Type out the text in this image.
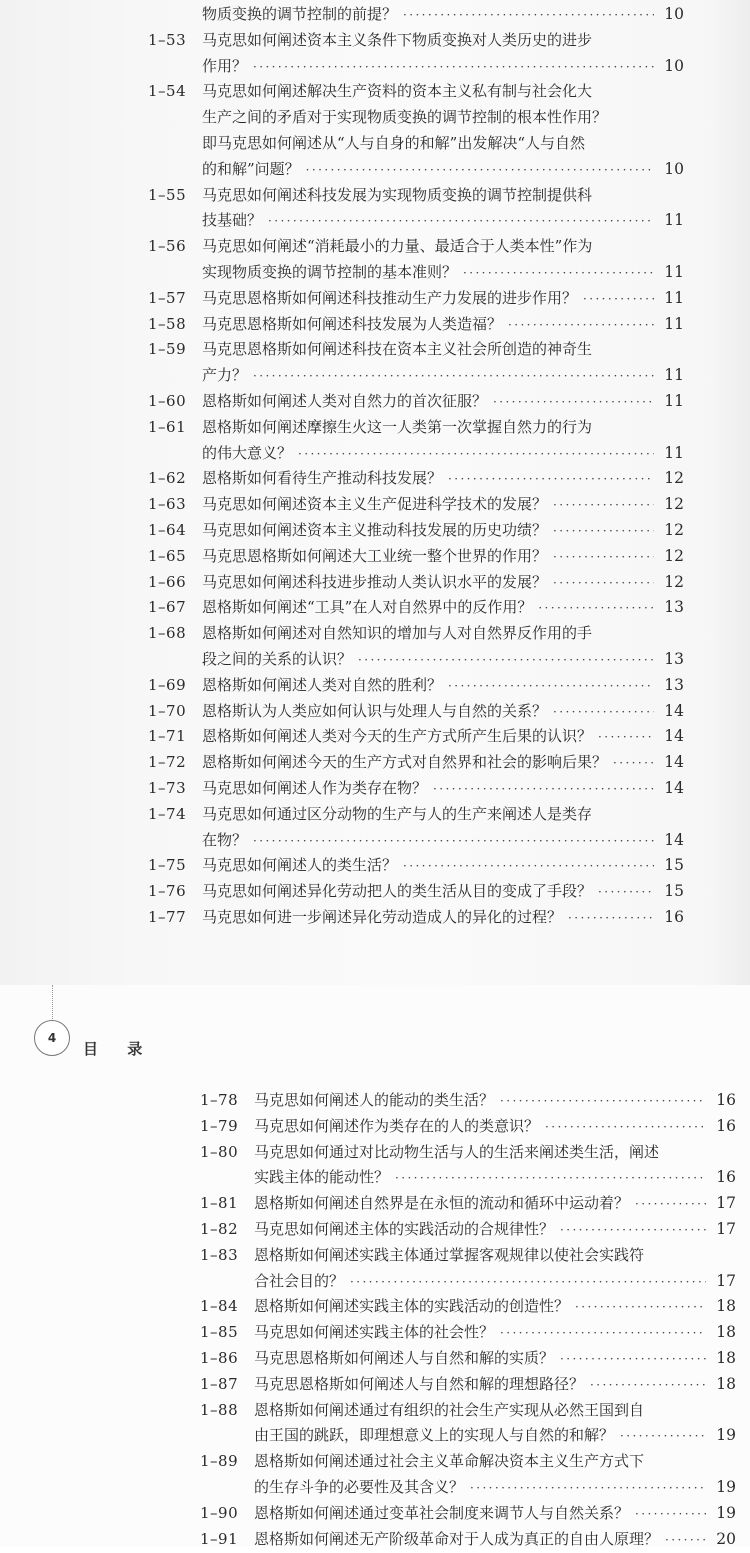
物质变换的调节控制的前提？ ·····	10
1–53	马克思如何阐述资本主义条件下物质变换对人类历史的进步
作用？ ·····	10
1–54	马克思如何阐述解决生产资料的资本主义私有制与社会化大
生产之间的矛盾对于实现物质变换的调节控制的根本性作用？
即马克思如何阐述从“人与自身的和解”出发解决“人与自然
的和解”问题？ ·····	10
1–55	马克思如何阐述科技发展为实现物质变换的调节控制提供科
技基础？ ·····	11
1–56	马克思如何阐述“消耗最小的力量、最适合于人类本性”作为
实现物质变换的调节控制的基本准则？ ·····	11
1–57	马克思恩格斯如何阐述科技推动生产力发展的进步作用？ ·····	11
1–58	马克思恩格斯如何阐述科技发展为人类造福？ ·····	11
1–59	马克思恩格斯如何阐述科技在资本主义社会所创造的神奇生
产力？ ·····	11
1–60	恩格斯如何阐述人类对自然力的首次征服？ ·····	11
1–61	恩格斯如何阐述摩擦生火这一人类第一次掌握自然力的行为
的伟大意义？ ·····	11
1–62	恩格斯如何看待生产推动科技发展？ ·····	12
1–63	马克思如何阐述资本主义生产促进科学技术的发展？ ·····	12
1–64	马克思如何阐述资本主义推动科技发展的历史功绩？ ·····	12
1–65	马克思恩格斯如何阐述大工业统一整个世界的作用？ ·····	12
1–66	马克思如何阐述科技进步推动人类认识水平的发展？ ·····	12
1–67	恩格斯如何阐述“工具”在人对自然界中的反作用？ ·····	13
1–68	恩格斯如何阐述对自然知识的增加与人对自然界反作用的手
段之间的关系的认识？ ·····	13
1–69	恩格斯如何阐述人类对自然的胜利？ ·····	13
1–70	恩格斯认为人类应如何认识与处理人与自然的关系？ ·····	14
1–71	恩格斯如何阐述人类对今天的生产方式所产生后果的认识？ ·····	14
1–72	恩格斯如何阐述今天的生产方式对自然界和社会的影响后果？ ·····	14
1–73	马克思如何阐述人作为类存在物？ ·····	14
1–74	马克思如何通过区分动物的生产与人的生产来阐述人是类存
在物？ ·····	14
1–75	马克思如何阐述人的类生活？ ·····	15
1–76	马克思如何阐述异化劳动把人的类生活从目的变成了手段？ ·····	15
1–77	马克思如何进一步阐述异化劳动造成人的异化的过程？ ·····	16
4
目 录
1–78	马克思如何阐述人的能动的类生活？ ·····	16
1–79	马克思如何阐述作为类存在的人的类意识？ ·····	16
1–80	马克思如何通过对比动物生活与人的生活来阐述类生活，阐述
实践主体的能动性？ ·····	16
1–81	恩格斯如何阐述自然界是在永恒的流动和循环中运动着？ ·····	17
1–82	马克思如何阐述主体的实践活动的合规律性？ ·····	17
1–83	恩格斯如何阐述实践主体通过掌握客观规律以使社会实践符
合社会目的？ ·····	17
1–84	恩格斯如何阐述实践主体的实践活动的创造性？ ·····	18
1–85	马克思如何阐述实践主体的社会性？ ·····	18
1–86	马克思恩格斯如何阐述人与自然和解的实质？ ·····	18
1–87	马克思恩格斯如何阐述人与自然和解的理想路径？ ·····	18
1–88	恩格斯如何阐述通过有组织的社会生产实现从必然王国到自
由王国的跳跃，即理想意义上的实现人与自然的和解？ ·····	19
1–89	恩格斯如何阐述通过社会主义革命解决资本主义生产方式下
的生存斗争的必要性及其含义？ ·····	19
1–90	恩格斯如何阐述通过变革社会制度来调节人与自然关系？ ·····	19
1–91	恩格斯如何阐述无产阶级革命对于人成为真正的自由人原理？ ·····	20
